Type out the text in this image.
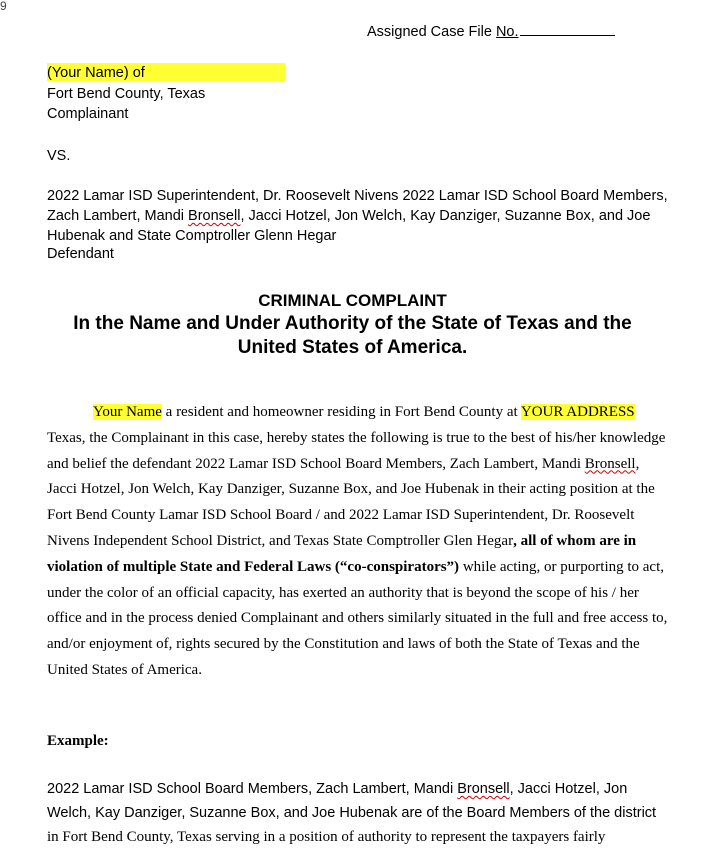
9
Assigned Case File No.
(Your Name) of
Fort Bend County, Texas
Complainant
VS.
2022 Lamar ISD Superintendent, Dr. Roosevelt Nivens 2022 Lamar ISD School Board Members,
Zach Lambert, Mandi Bronsell, Jacci Hotzel, Jon Welch, Kay Danziger, Suzanne Box, and Joe
Hubenak and State Comptroller Glenn Hegar
Defendant
CRIMINAL COMPLAINT
In the Name and Under Authority of the State of Texas and the
United States of America.
Your Name a resident and homeowner residing in Fort Bend County at YOUR ADDRESS Texas, the Complainant in this case, hereby states the following is true to the best of his/her knowledge and belief the defendant 2022 Lamar ISD School Board Members, Zach Lambert, Mandi Bronsell, Jacci Hotzel, Jon Welch, Kay Danziger, Suzanne Box, and Joe Hubenak in their acting position at the Fort Bend County Lamar ISD School Board / and 2022 Lamar ISD Superintendent, Dr. Roosevelt Nivens Independent School District, and Texas State Comptroller Glen Hegar, all of whom are in violation of multiple State and Federal Laws (“co-conspirators”) while acting, or purporting to act, under the color of an official capacity, has exerted an authority that is beyond the scope of his / her office and in the process denied Complainant and others similarly situated in the full and free access to, and/or enjoyment of, rights secured by the Constitution and laws of both the State of Texas and the United States of America.
Example:
2022 Lamar ISD School Board Members, Zach Lambert, Mandi Bronsell, Jacci Hotzel, Jon
Welch, Kay Danziger, Suzanne Box, and Joe Hubenak are of the Board Members of the district
in Fort Bend County, Texas serving in a position of authority to represent the taxpayers fairly
